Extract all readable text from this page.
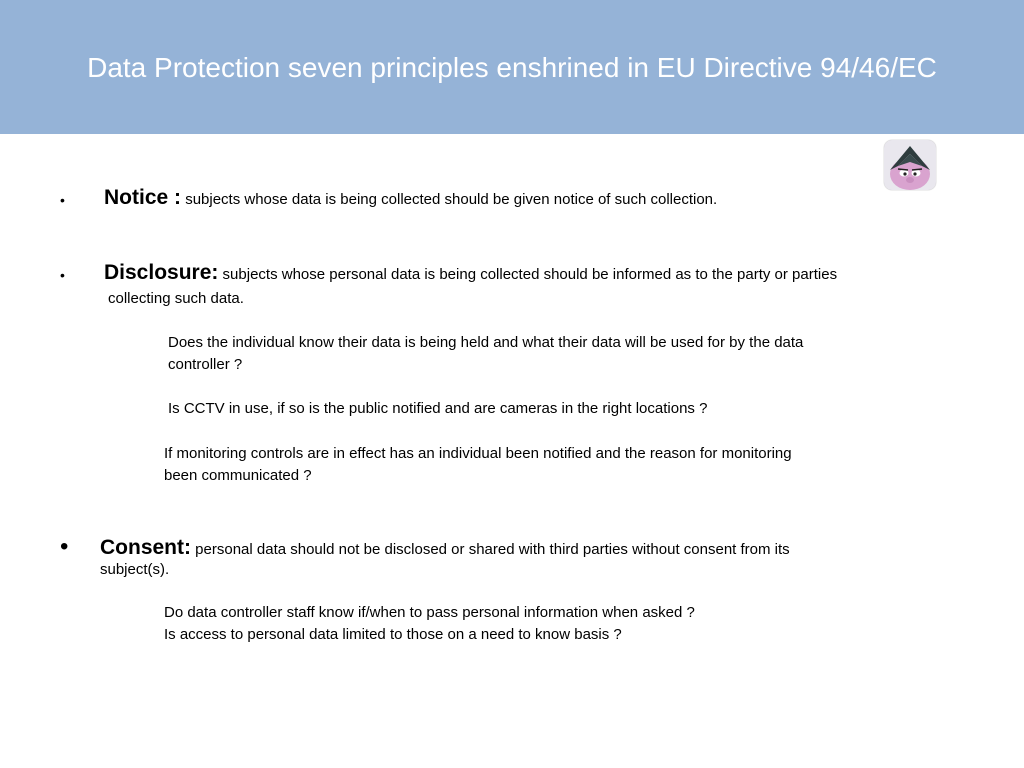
Data Protection seven principles enshrined in EU Directive 94/46/EC
• Notice : subjects whose data is being collected should be given notice of such collection.
• Disclosure: subjects whose personal data is being collected should be informed as to the party or parties
collecting such data.
Does the individual know their data is being held and what their data will be used for by the data
controller ?
Is CCTV in use, if so is the public notified and are cameras in the right locations ?
If monitoring controls are in effect has an individual been notified and the reason for monitoring
been communicated ?
• Consent: personal data should not be disclosed or shared with third parties without consent from its
subject(s).
Do data controller staff know if/when to pass personal information when asked ?
Is access to personal data limited to those on a need to know basis ?
